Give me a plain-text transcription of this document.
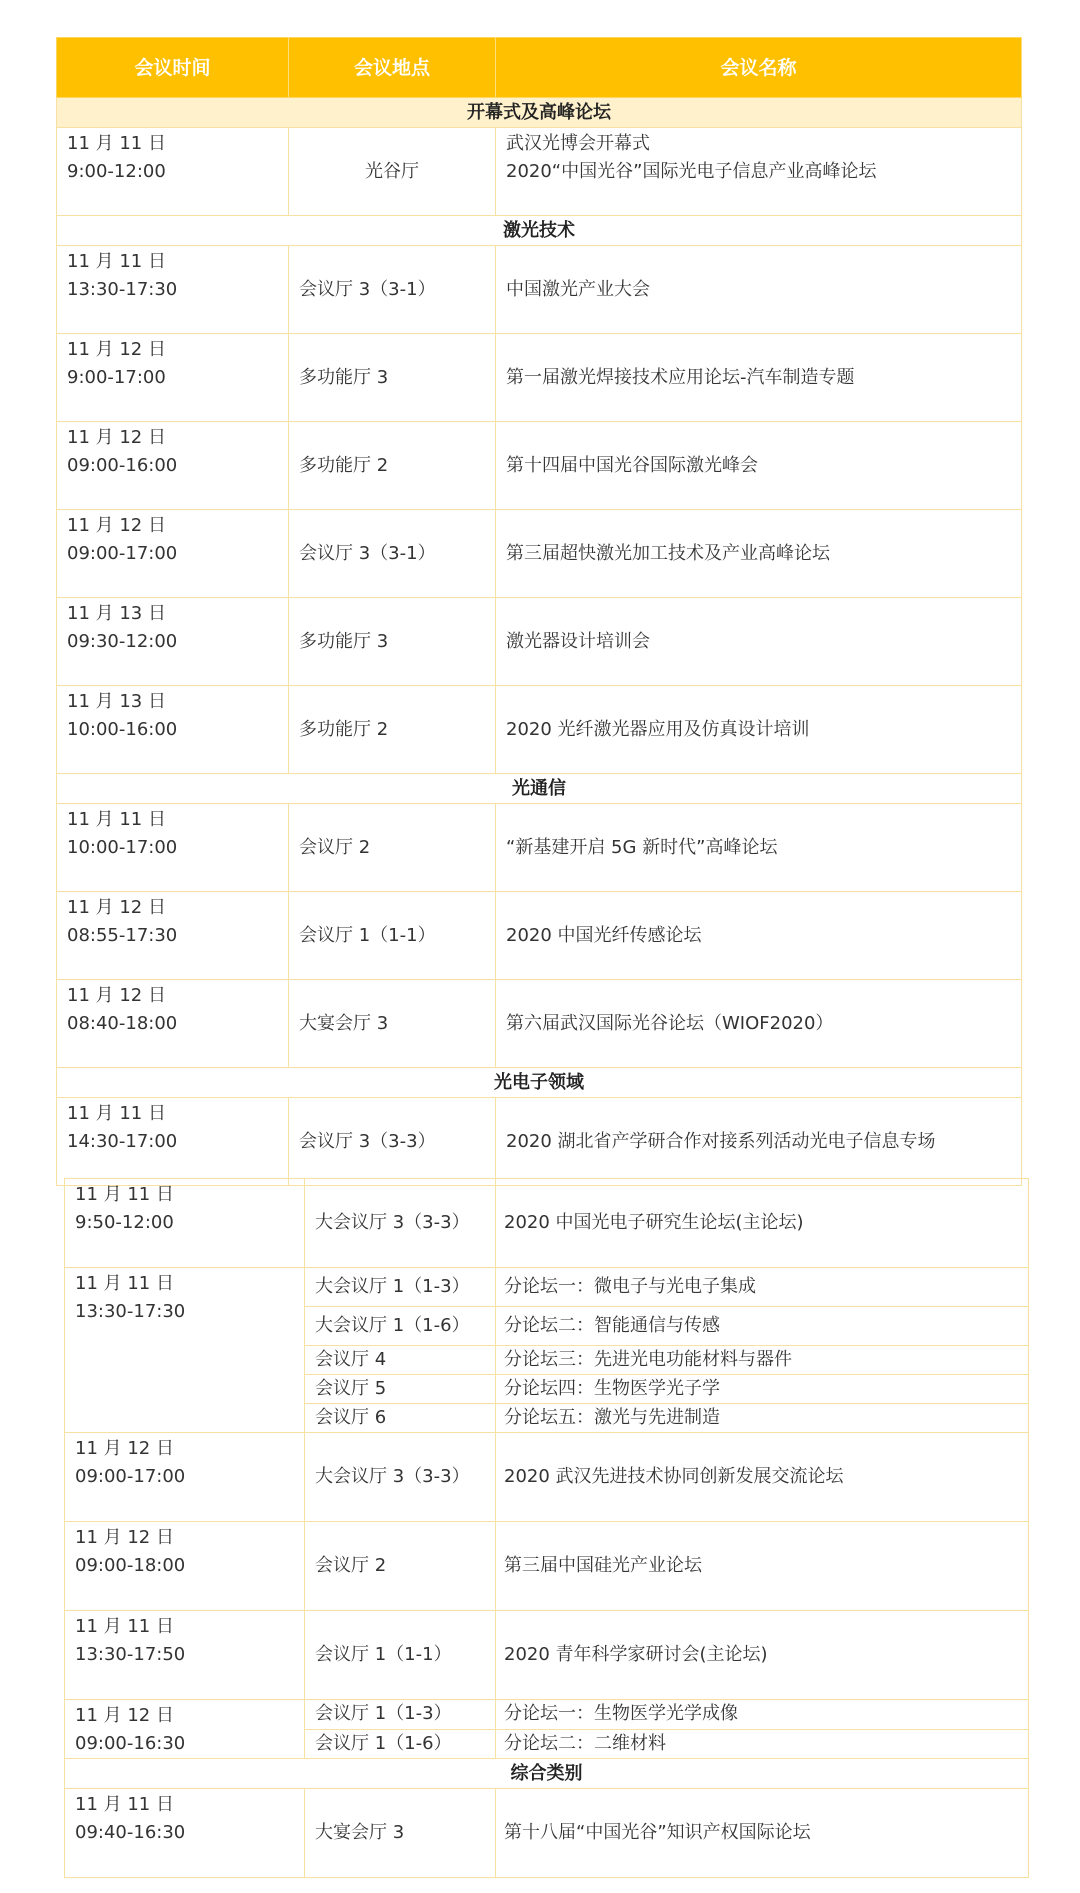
会议时间	会议地点	会议名称
开幕式及高峰论坛		

11 月 11 日
9:00-12:00	光谷厅	武汉光博会开幕式
2020“中国光谷”国际光电子信息产业高峰论坛

激光技术		

11 月 11 日
13:30-17:30	会议厅 3（3-1）	中国激光产业大会

11 月 12 日
9:00-17:00	多功能厅 3	第一届激光焊接技术应用论坛-汽车制造专题

11 月 12 日
09:00-16:00	多功能厅 2	第十四届中国光谷国际激光峰会

11 月 12 日
09:00-17:00	会议厅 3（3-1）	第三届超快激光加工技术及产业高峰论坛

11 月 13 日
09:30-12:00	多功能厅 3	激光器设计培训会

11 月 13 日
10:00-16:00	多功能厅 2	2020 光纤激光器应用及仿真设计培训
光通信		

11 月 11 日
10:00-17:00	会议厅 2	“新基建开启 5G 新时代”高峰论坛

11 月 12 日
08:55-17:30	会议厅 1（1-1）	2020 中国光纤传感论坛

11 月 12 日
08:40-18:00	大宴会厅 3	第六届武汉国际光谷论坛（WIOF2020）
光电子领域		

11 月 11 日
14:30-17:00	会议厅 3（3-3）	2020 湖北省产学研合作对接系列活动光电子信息专场
11 月 11 日
9:50-12:00	大会议厅 3（3-3）	2020 中国光电子研究生论坛(主论坛)

11 月 11 日
13:30-17:30	大会议厅 1（1-3）	分论坛一：微电子与光电子集成
	大会议厅 1（1-6）	分论坛二：智能通信与传感
	会议厅 4	分论坛三：先进光电功能材料与器件
	会议厅 5	分论坛四：生物医学光子学
	会议厅 6	分论坛五：激光与先进制造

11 月 12 日
09:00-17:00	大会议厅 3（3-3）	2020 武汉先进技术协同创新发展交流论坛

11 月 12 日
09:00-18:00	会议厅 2	第三届中国硅光产业论坛

11 月 11 日
13:30-17:50	会议厅 1（1-1）	2020 青年科学家研讨会(主论坛)

11 月 12 日
09:00-16:30	会议厅 1（1-3）	分论坛一：生物医学光学成像
	会议厅 1（1-6）	分论坛二：二维材料
综合类别		

11 月 11 日
09:40-16:30	大宴会厅 3	第十八届“中国光谷”知识产权国际论坛
